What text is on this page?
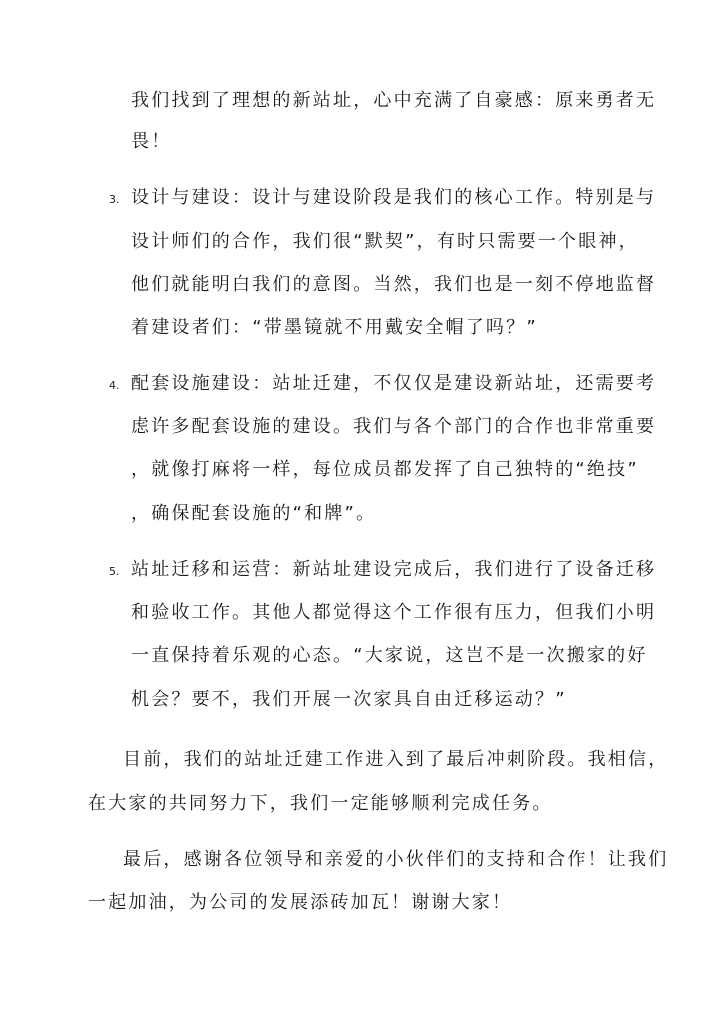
我们找到了理想的新站址，心中充满了自豪感：原来勇者无
畏！
3. 设计与建设：设计与建设阶段是我们的核心工作。特别是与
设计师们的合作，我们很“默契”，有时只需要一个眼神，
他们就能明白我们的意图。当然，我们也是一刻不停地监督
着建设者们：“带墨镜就不用戴安全帽了吗？”
4. 配套设施建设：站址迁建，不仅仅是建设新站址，还需要考
虑许多配套设施的建设。我们与各个部门的合作也非常重要
，就像打麻将一样，每位成员都发挥了自己独特的“绝技”
，确保配套设施的“和牌”。
5. 站址迁移和运营：新站址建设完成后，我们进行了设备迁移
和验收工作。其他人都觉得这个工作很有压力，但我们小明
一直保持着乐观的心态。“大家说，这岂不是一次搬家的好
机会？要不，我们开展一次家具自由迁移运动？”
目前，我们的站址迁建工作进入到了最后冲刺阶段。我相信，
在大家的共同努力下，我们一定能够顺利完成任务。
最后，感谢各位领导和亲爱的小伙伴们的支持和合作！让我们
一起加油，为公司的发展添砖加瓦！谢谢大家！
